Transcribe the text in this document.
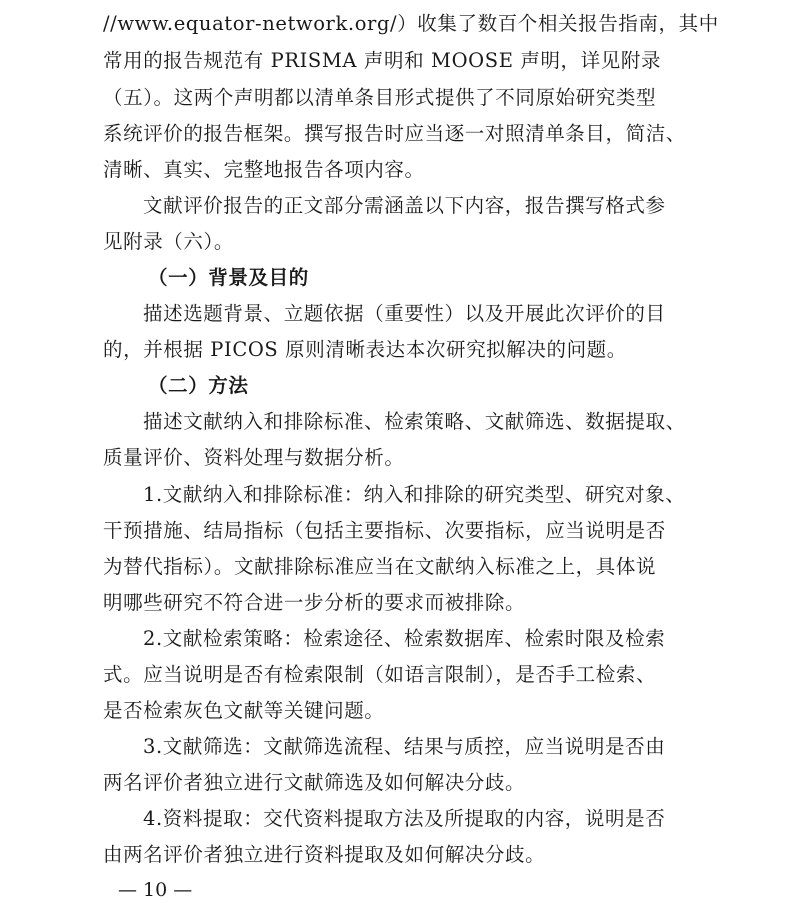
//www.equator-network.org/）收集了数百个相关报告指南，其中
常用的报告规范有 PRISMA 声明和 MOOSE 声明，详见附录
（五）。这两个声明都以清单条目形式提供了不同原始研究类型
系统评价的报告框架。撰写报告时应当逐一对照清单条目，简洁、
清晰、真实、完整地报告各项内容。
文献评价报告的正文部分需涵盖以下内容，报告撰写格式参
见附录（六）。
（一）背景及目的
描述选题背景、立题依据（重要性）以及开展此次评价的目
的，并根据 PICOS 原则清晰表达本次研究拟解决的问题。
（二）方法
描述文献纳入和排除标准、检索策略、文献筛选、数据提取、
质量评价、资料处理与数据分析。
1.文献纳入和排除标准：纳入和排除的研究类型、研究对象、
干预措施、结局指标（包括主要指标、次要指标，应当说明是否
为替代指标）。文献排除标准应当在文献纳入标准之上，具体说
明哪些研究不符合进一步分析的要求而被排除。
2.文献检索策略：检索途径、检索数据库、检索时限及检索
式。应当说明是否有检索限制（如语言限制），是否手工检索、
是否检索灰色文献等关键问题。
3.文献筛选：文献筛选流程、结果与质控，应当说明是否由
两名评价者独立进行文献筛选及如何解决分歧。
4.资料提取：交代资料提取方法及所提取的内容，说明是否
由两名评价者独立进行资料提取及如何解决分歧。
— 10 —
